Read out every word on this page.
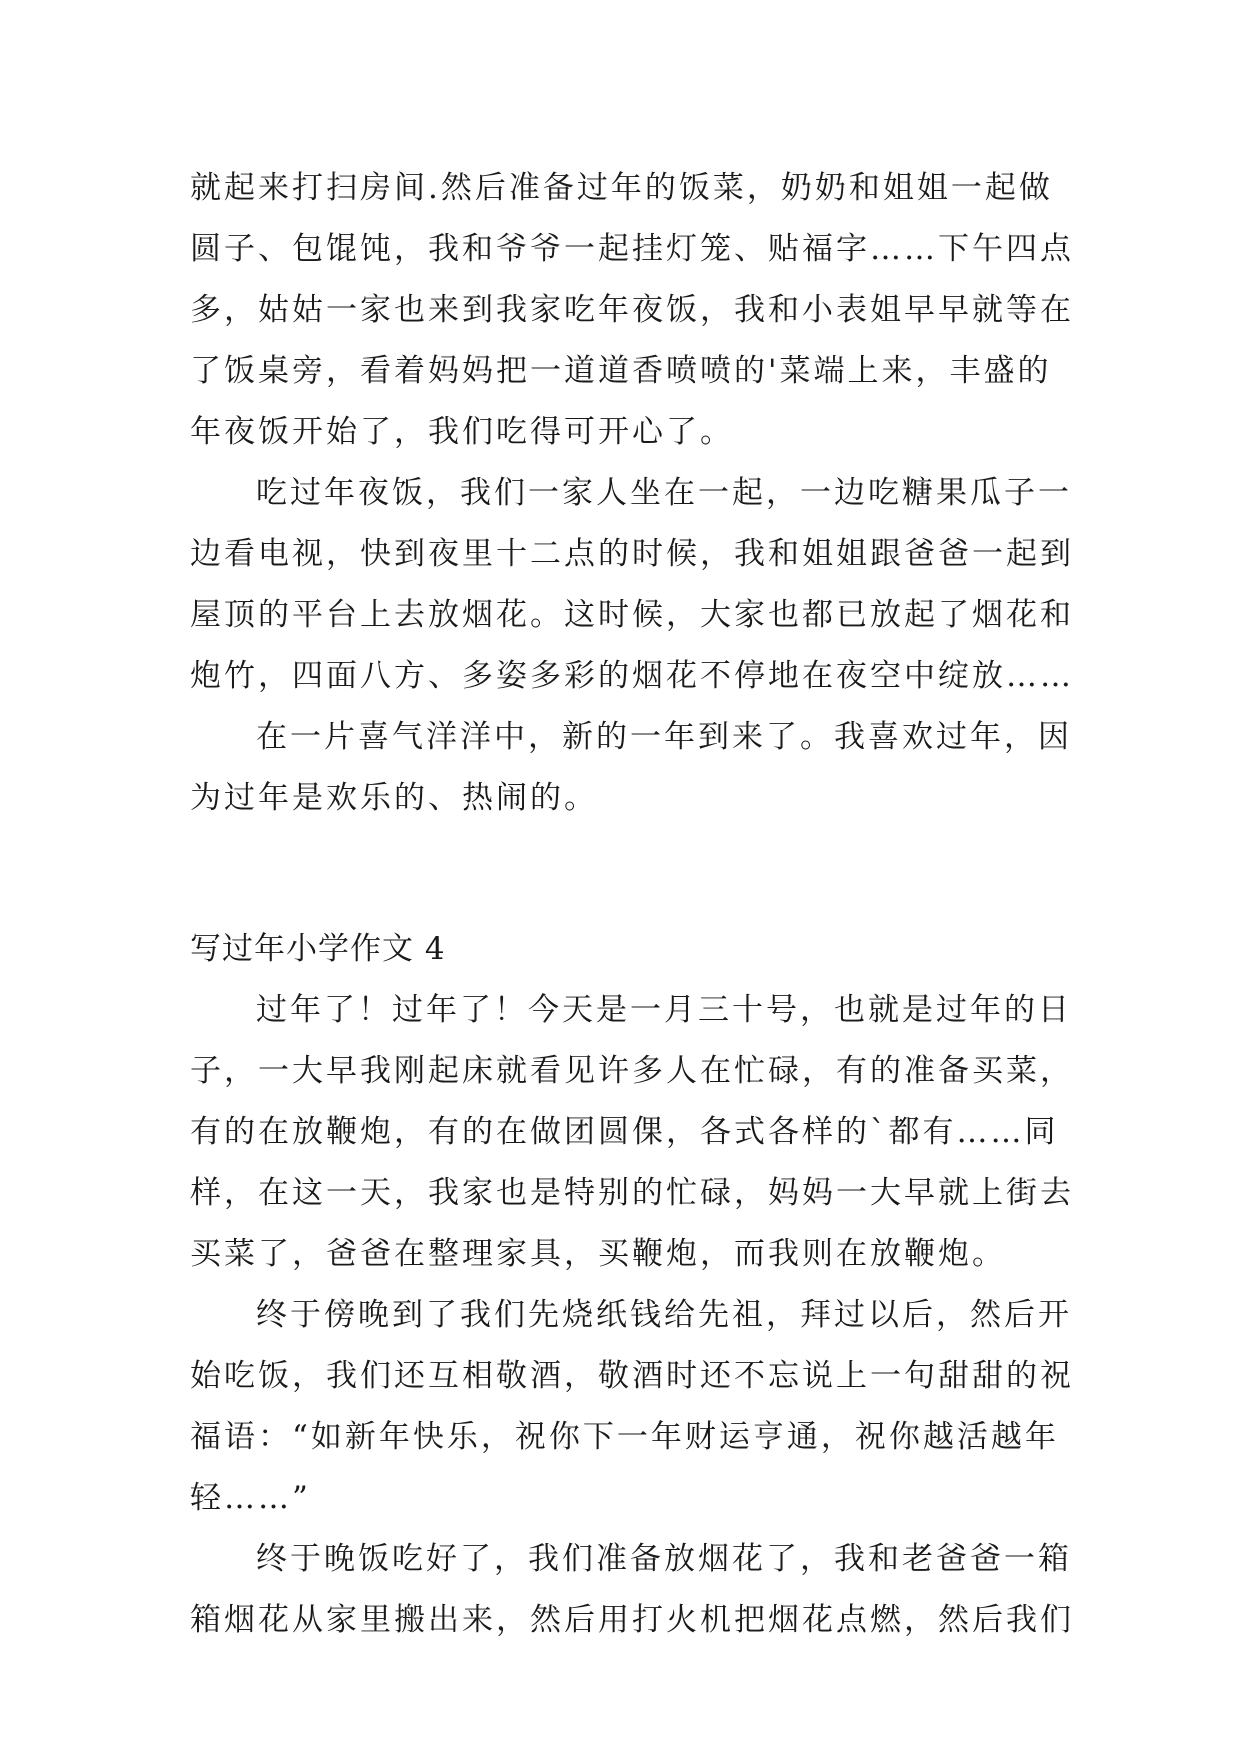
就起来打扫房间.然后准备过年的饭菜，奶奶和姐姐一起做
圆子、包馄饨，我和爷爷一起挂灯笼、贴福字……下午四点
多，姑姑一家也来到我家吃年夜饭，我和小表姐早早就等在
了饭桌旁，看着妈妈把一道道香喷喷的'菜端上来，丰盛的
年夜饭开始了，我们吃得可开心了。
吃过年夜饭，我们一家人坐在一起，一边吃糖果瓜子一
边看电视，快到夜里十二点的时候，我和姐姐跟爸爸一起到
屋顶的平台上去放烟花。这时候，大家也都已放起了烟花和
炮竹，四面八方、多姿多彩的烟花不停地在夜空中绽放……
在一片喜气洋洋中，新的一年到来了。我喜欢过年，因
为过年是欢乐的、热闹的。
写过年小学作文 4
过年了！过年了！今天是一月三十号，也就是过年的日
子，一大早我刚起床就看见许多人在忙碌，有的准备买菜，
有的在放鞭炮，有的在做团圆倮，各式各样的`都有……同
样，在这一天，我家也是特别的忙碌，妈妈一大早就上街去
买菜了，爸爸在整理家具，买鞭炮，而我则在放鞭炮。
终于傍晚到了我们先烧纸钱给先祖，拜过以后，然后开
始吃饭，我们还互相敬酒，敬酒时还不忘说上一句甜甜的祝
福语：“如新年快乐，祝你下一年财运亨通，祝你越活越年
轻……”
终于晚饭吃好了，我们准备放烟花了，我和老爸爸一箱
箱烟花从家里搬出来，然后用打火机把烟花点燃，然后我们
